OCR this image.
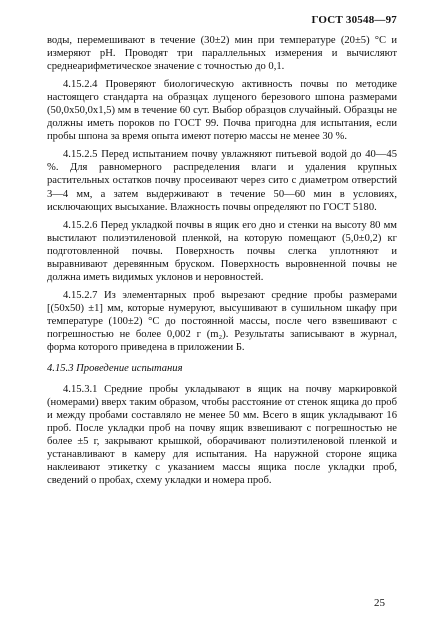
ГОСТ 30548—97

воды, перемешивают в течение (30±2) мин при температуре (20±5) °С и измеряют pH. Проводят три параллельных измерения и вычисляют среднеарифметическое значение с точностью до 0,1.

4.15.2.4 Проверяют биологическую активность почвы по методике настоящего стандарта на образцах лущеного березового шпона размерами (50,0x50,0x1,5) мм в течение 60 сут. Выбор образцов случайный. Образцы не должны иметь пороков по ГОСТ 99. Почва пригодна для испытания, если пробы шпона за время опыта имеют потерю массы не менее 30 %.

4.15.2.5 Перед испытанием почву увлажняют питьевой водой до 40—45 %. Для равномерного распределения влаги и удаления крупных растительных остатков почву просеивают через сито с диаметром отверстий 3—4 мм, а затем выдерживают в течение 50—60 мин в условиях, исключающих высыхание. Влажность почвы определяют по ГОСТ 5180.

4.15.2.6 Перед укладкой почвы в ящик его дно и стенки на высоту 80 мм выстилают полиэтиленовой пленкой, на которую помещают (5,0±0,2) кг подготовленной почвы. Поверхность почвы слегка уплотняют и выравнивают деревянным бруском. Поверхность выровненной почвы не должна иметь видимых уклонов и неровностей.

4.15.2.7 Из элементарных проб вырезают средние пробы размерами [(50x50) ±1] мм, которые нумеруют, высушивают в сушильном шкафу при температуре (100±2) °С до постоянной массы, после чего взвешивают с погрешностью не более 0,002 г (m₂). Результаты записывают в журнал, форма которого приведена в приложении Б.

4.15.3 Проведение испытания

4.15.3.1 Средние пробы укладывают в ящик на почву маркировкой (номерами) вверх таким образом, чтобы расстояние от стенок ящика до проб и между пробами составляло не менее 50 мм. Всего в ящик укладывают 16 проб. После укладки проб на почву ящик взвешивают с погрешностью не более ±5 г, закрывают крышкой, оборачивают полиэтиленовой пленкой и устанавливают в камеру для испытания. На наружной стороне ящика наклеивают этикетку с указанием массы ящика после укладки проб, сведений о пробах, схему укладки и номера проб.

25
